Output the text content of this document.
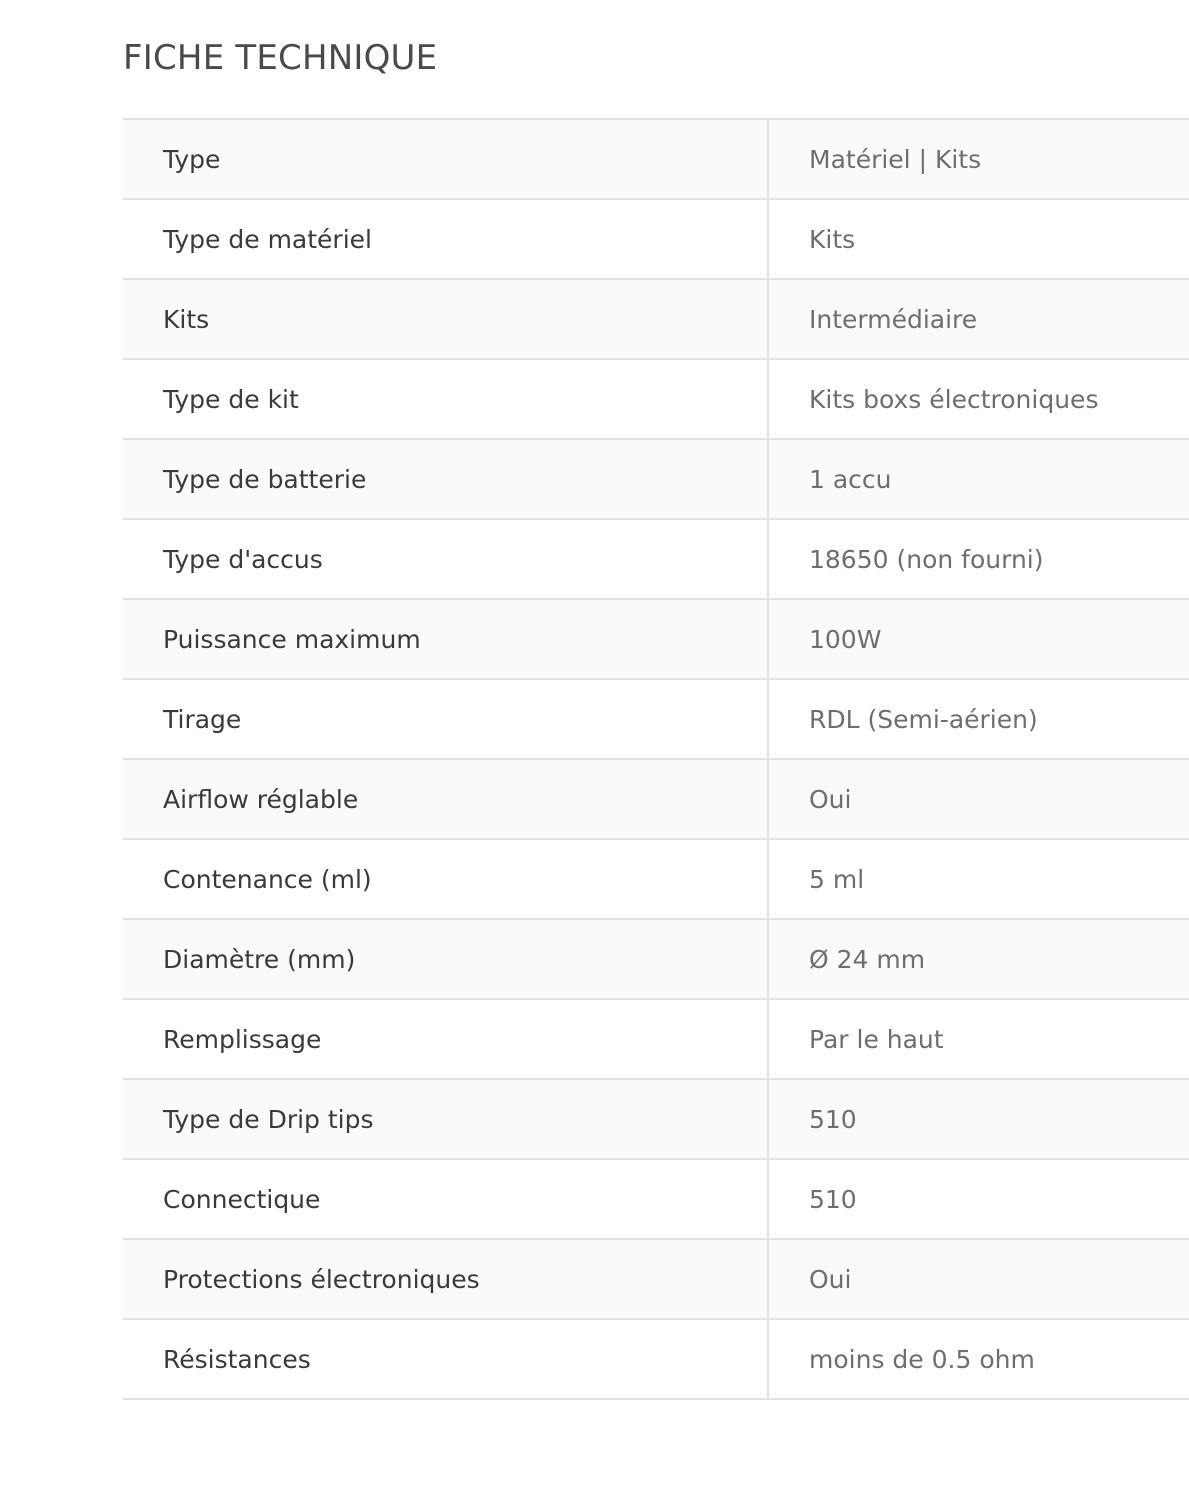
FICHE TECHNIQUE
Type	Matériel | Kits
Type de matériel	Kits
Kits	Intermédiaire
Type de kit	Kits boxs électroniques
Type de batterie	1 accu
Type d'accus	18650 (non fourni)
Puissance maximum	100W
Tirage	RDL (Semi-aérien)
Airflow réglable	Oui
Contenance (ml)	5 ml
Diamètre (mm)	Ø 24 mm
Remplissage	Par le haut
Type de Drip tips	510
Connectique	510
Protections électroniques	Oui
Résistances	moins de 0.5 ohm
